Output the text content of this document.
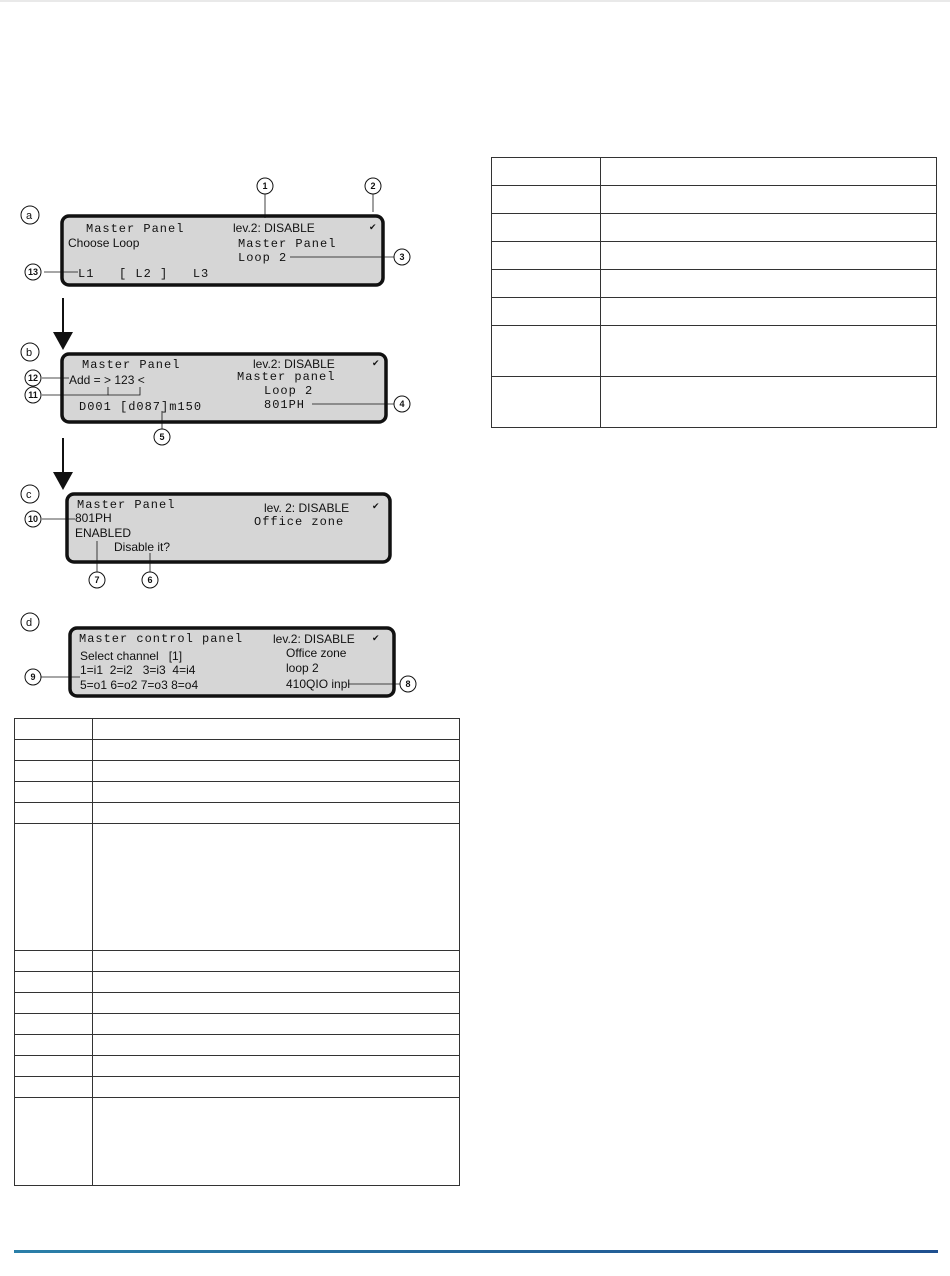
a
b
c
d
Master Panel	lev.2: DISABLE	✔
Choose Loop	Master Panel
Loop 2
L1   [ L2 ]   L3
Master Panel	lev.2: DISABLE	✔
Add = > 123 <	Master panel
Loop 2
D001 [d087]m150	801PH
Master Panel	lev. 2: DISABLE	✔
801PH	Office zone
ENABLED
Disable it?
Master control panel lev.2: DISABLE ✔
Select channel   [1]	Office zone
1=i1  2=i2   3=i3  4=i4	loop 2
5=o1 6=o2 7=o3 8=o4	410QIO inpl
1	2
3
4
5
6
7
8
9
10
11
12
13
